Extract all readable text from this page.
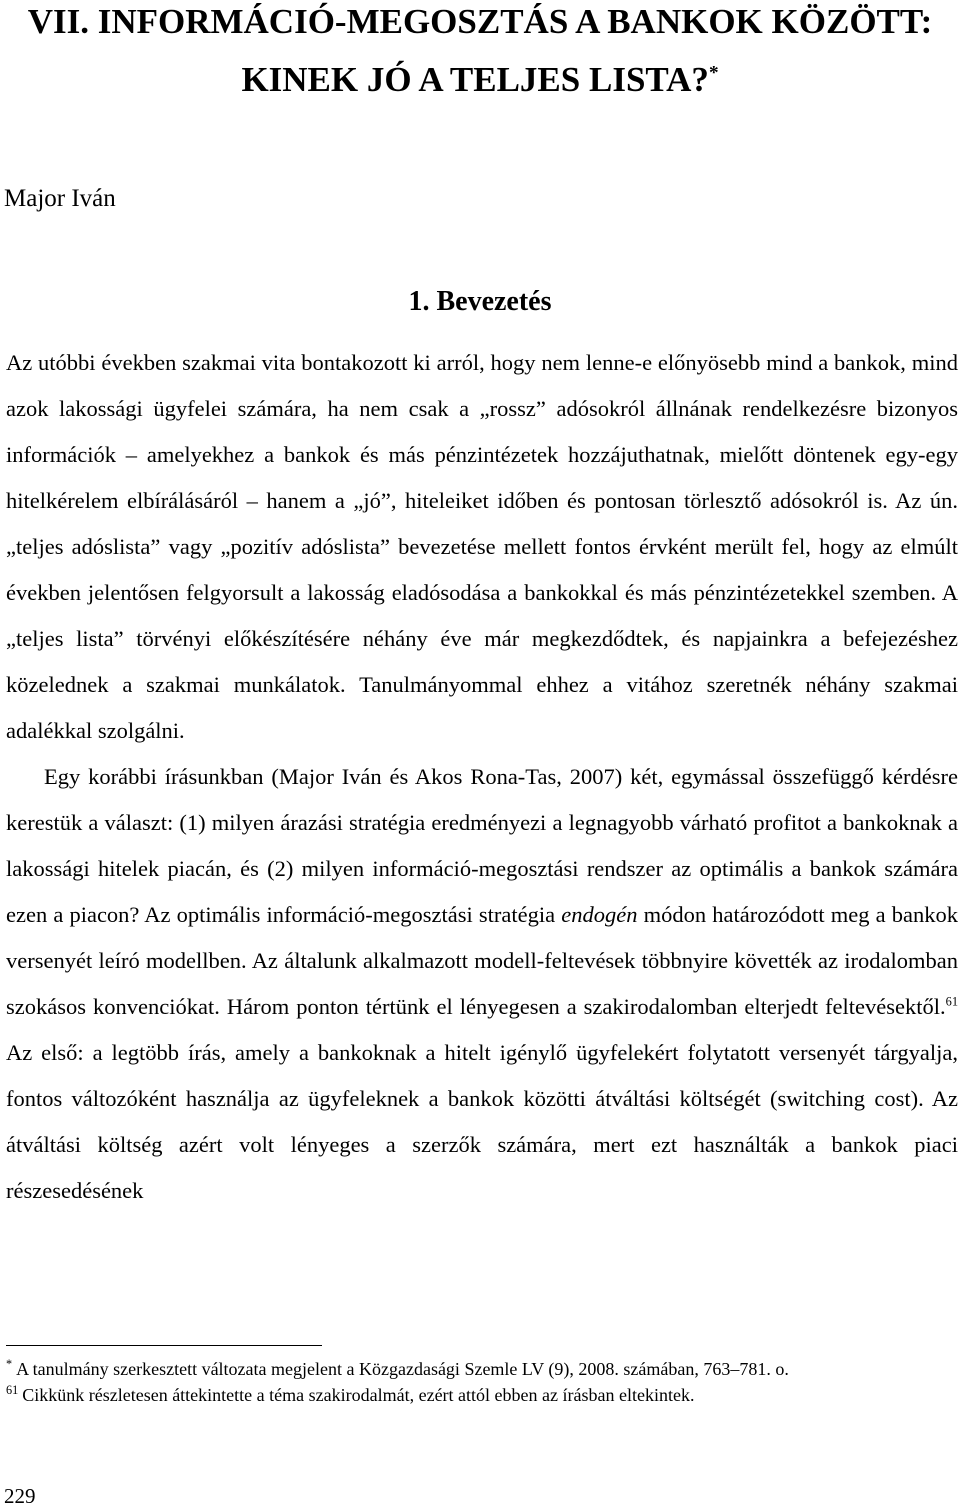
VII. INFORMÁCIÓ-MEGOSZTÁS A BANKOK KÖZÖTT:
KINEK JÓ A TELJES LISTA?*
Major Iván
1. Bevezetés

Az utóbbi években szakmai vita bontakozott ki arról, hogy nem lenne-e előnyösebb mind a bankok, mind azok lakossági ügyfelei számára, ha nem csak a „rossz” adósokról állnának rendelkezésre bizonyos információk – amelyekhez a bankok és más pénzintézetek hozzájuthatnak, mielőtt döntenek egy-egy hitelkérelem elbírálásáról – hanem a „jó”, hiteleiket időben és pontosan törlesztő adósokról is. Az ún. „teljes adóslista” vagy „pozitív adóslista” bevezetése mellett fontos érvként merült fel, hogy az elmúlt években jelentősen felgyorsult a lakosság eladósodása a bankokkal és más pénzintézetekkel szemben. A „teljes lista” törvényi előkészítésére néhány éve már megkezdődtek, és napjainkra a befejezéshez közelednek a szakmai munkálatok. Tanulmányommal ehhez a vitához szeretnék néhány szakmai adalékkal szolgálni.

Egy korábbi írásunkban (Major Iván és Akos Rona-Tas, 2007) két, egymással összefüggő kérdésre kerestük a választ: (1) milyen árazási stratégia eredményezi a legnagyobb várható profitot a bankoknak a lakossági hitelek piacán, és (2) milyen információ-megosztási rendszer az optimális a bankok számára ezen a piacon? Az optimális információ-megosztási stratégia endogén módon határozódott meg a bankok versenyét leíró modellben. Az általunk alkalmazott modell-feltevések többnyire követték az irodalomban szokásos konvenciókat. Három ponton tértünk el lényegesen a szakirodalomban elterjedt feltevésektől.$^{61}$ Az első: a legtöbb írás, amely a bankoknak a hitelt igénylő ügyfelekért folytatott versenyét tárgyalja, fontos változóként használja az ügyfeleknek a bankok közötti átváltási költségét (switching cost). Az átváltási költség azért volt lényeges a szerzők számára, mert ezt használták a bankok piaci részesedésének

* A tanulmány szerkesztett változata megjelent a Közgazdasági Szemle LV (9), 2008. számában, 763–781. o.

$^{61}$ Cikkünk részletesen áttekintette a téma szakirodalmát, ezért attól ebben az írásban eltekintek.

229
